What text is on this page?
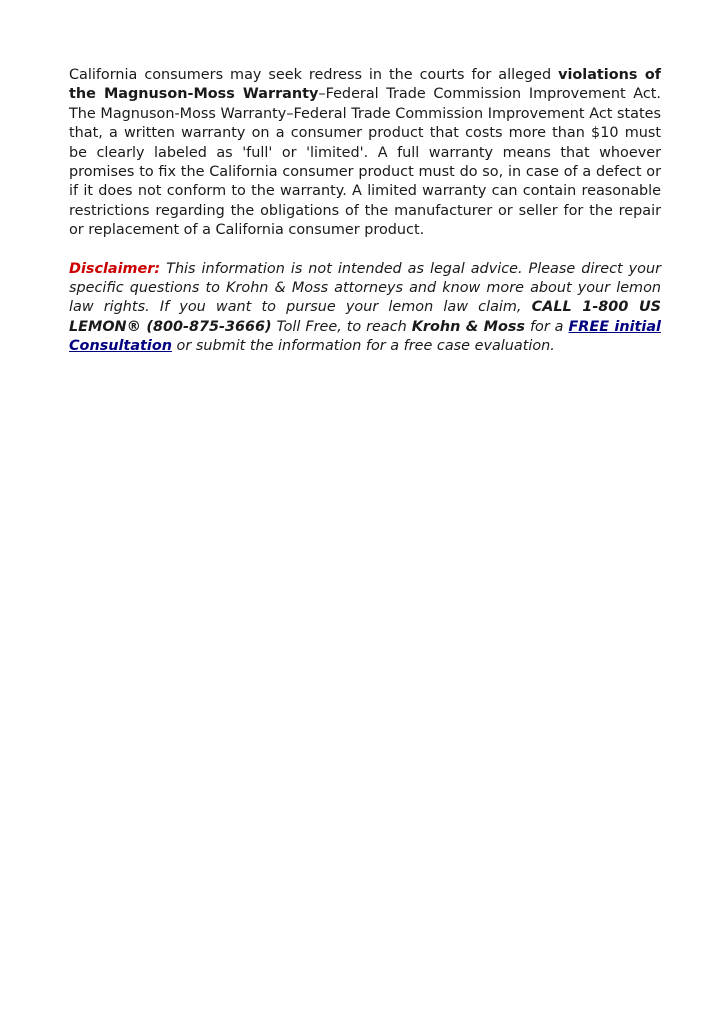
California consumers may seek redress in the courts for alleged violations of the Magnuson-Moss Warranty–Federal Trade Commission Improvement Act. The Magnuson-Moss Warranty–Federal Trade Commission Improvement Act states that, a written warranty on a consumer product that costs more than $10 must be clearly labeled as 'full' or 'limited'. A full warranty means that whoever promises to fix the California consumer product must do so, in case of a defect or if it does not conform to the warranty. A limited warranty can contain reasonable restrictions regarding the obligations of the manufacturer or seller for the repair or replacement of a California consumer product.

Disclaimer: This information is not intended as legal advice. Please direct your specific questions to Krohn & Moss attorneys and know more about your lemon law rights. If you want to pursue your lemon law claim, CALL 1-800 US LEMON® (800-875-3666) Toll Free, to reach Krohn & Moss for a FREE initial Consultation or submit the information for a free case evaluation.
